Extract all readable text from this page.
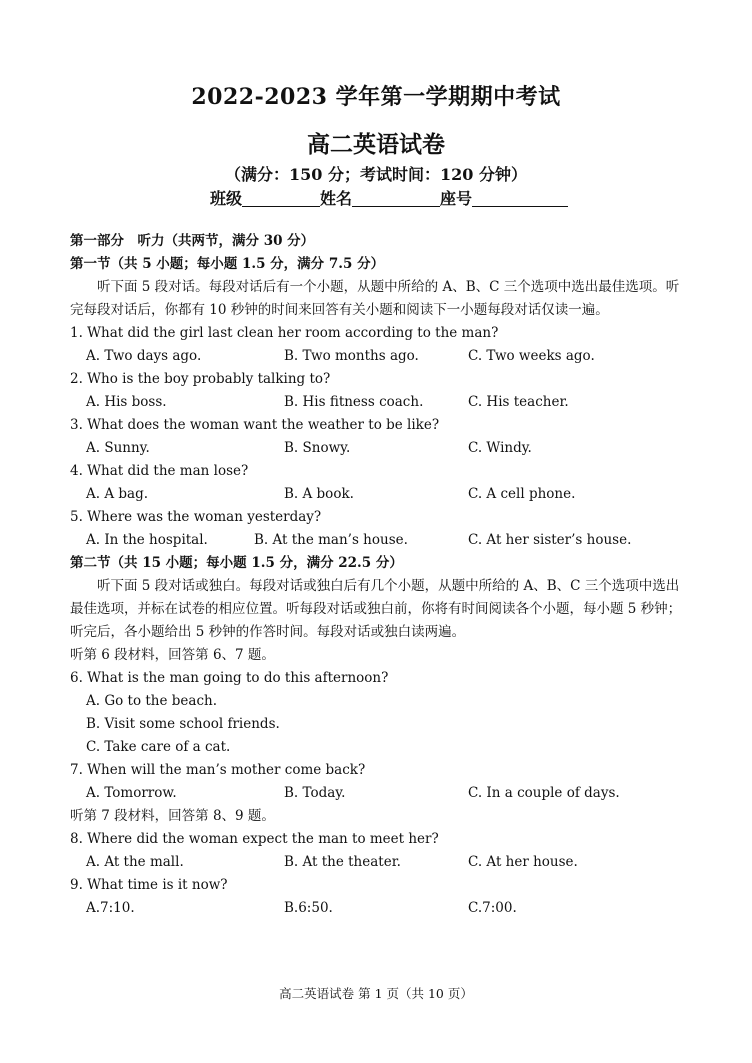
2022-2023 学年第一学期期中考试
高二英语试卷
（满分：150 分；考试时间：120 分钟）
班级	姓名	座号
第一部分　听力（共两节，满分 30 分）
第一节（共 5 小题；每小题 1.5 分，满分 7.5 分）
听下面 5 段对话。每段对话后有一个小题，从题中所给的 A、B、C 三个选项中选出最佳选项。听完每段对话后，你都有 10 秒钟的时间来回答有关小题和阅读下一小题每段对话仅读一遍。
1. What did the girl last clean her room according to the man?
A. Two days ago.	B. Two months ago.	C. Two weeks ago.
2. Who is the boy probably talking to?
A. His boss.	B. His fitness coach.	C. His teacher.
3. What does the woman want the weather to be like?
A. Sunny.	B. Snowy.	C. Windy.
4. What did the man lose?
A. A bag.	B. A book.	C. A cell phone.
5. Where was the woman yesterday?
A. In the hospital.	B. At the man’s house.	C. At her sister’s house.
第二节（共 15 小题；每小题 1.5 分，满分 22.5 分）
听下面 5 段对话或独白。每段对话或独白后有几个小题，从题中所给的 A、B、C 三个选项中选出最佳选项，并标在试卷的相应位置。听每段对话或独白前，你将有时间阅读各个小题，每小题 5 秒钟；听完后，各小题给出 5 秒钟的作答时间。每段对话或独白读两遍。
听第 6 段材料，回答第 6、7 题。
6. What is the man going to do this afternoon?
A. Go to the beach.
B. Visit some school friends.
C. Take care of a cat.
7. When will the man’s mother come back?
A. Tomorrow.	B. Today.	C. In a couple of days.
听第 7 段材料，回答第 8、9 题。
8. Where did the woman expect the man to meet her?
A. At the mall.	B. At the theater.	C. At her house.
9. What time is it now?
A.7:10.	B.6:50.	C.7:00.
高二英语试卷 第 1 页（共 10 页）
